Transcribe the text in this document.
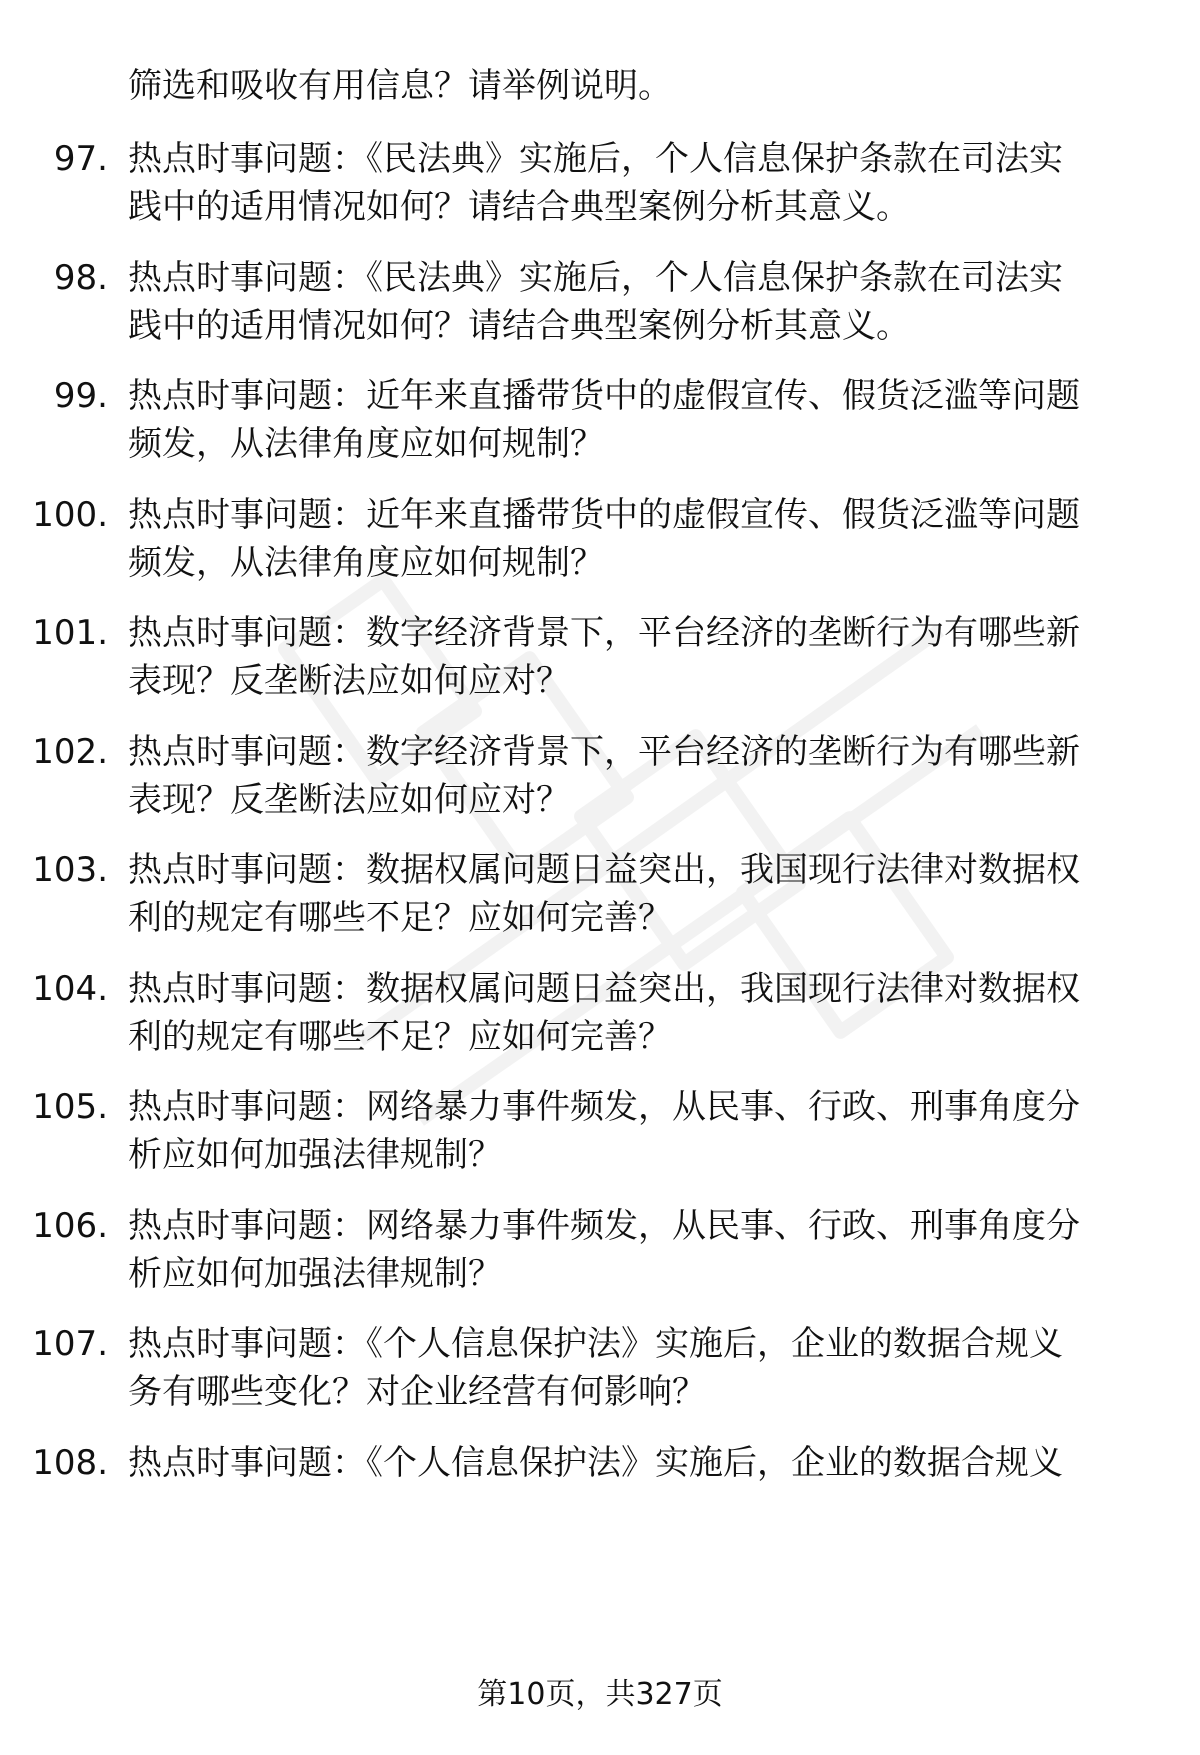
筛选和吸收有用信息？请举例说明。
97. 热点时事问题：《民法典》实施后，个人信息保护条款在司法实
践中的适用情况如何？请结合典型案例分析其意义。
98. 热点时事问题：《民法典》实施后，个人信息保护条款在司法实
践中的适用情况如何？请结合典型案例分析其意义。
99. 热点时事问题：近年来直播带货中的虚假宣传、假货泛滥等问题
频发，从法律角度应如何规制？
100. 热点时事问题：近年来直播带货中的虚假宣传、假货泛滥等问题
频发，从法律角度应如何规制？
101. 热点时事问题：数字经济背景下，平台经济的垄断行为有哪些新
表现？反垄断法应如何应对？
102. 热点时事问题：数字经济背景下，平台经济的垄断行为有哪些新
表现？反垄断法应如何应对？
103. 热点时事问题：数据权属问题日益突出，我国现行法律对数据权
利的规定有哪些不足？应如何完善？
104. 热点时事问题：数据权属问题日益突出，我国现行法律对数据权
利的规定有哪些不足？应如何完善？
105. 热点时事问题：网络暴力事件频发，从民事、行政、刑事角度分
析应如何加强法律规制？
106. 热点时事问题：网络暴力事件频发，从民事、行政、刑事角度分
析应如何加强法律规制？
107. 热点时事问题：《个人信息保护法》实施后，企业的数据合规义
务有哪些变化？对企业经营有何影响？
108. 热点时事问题：《个人信息保护法》实施后，企业的数据合规义
第10页，共327页
